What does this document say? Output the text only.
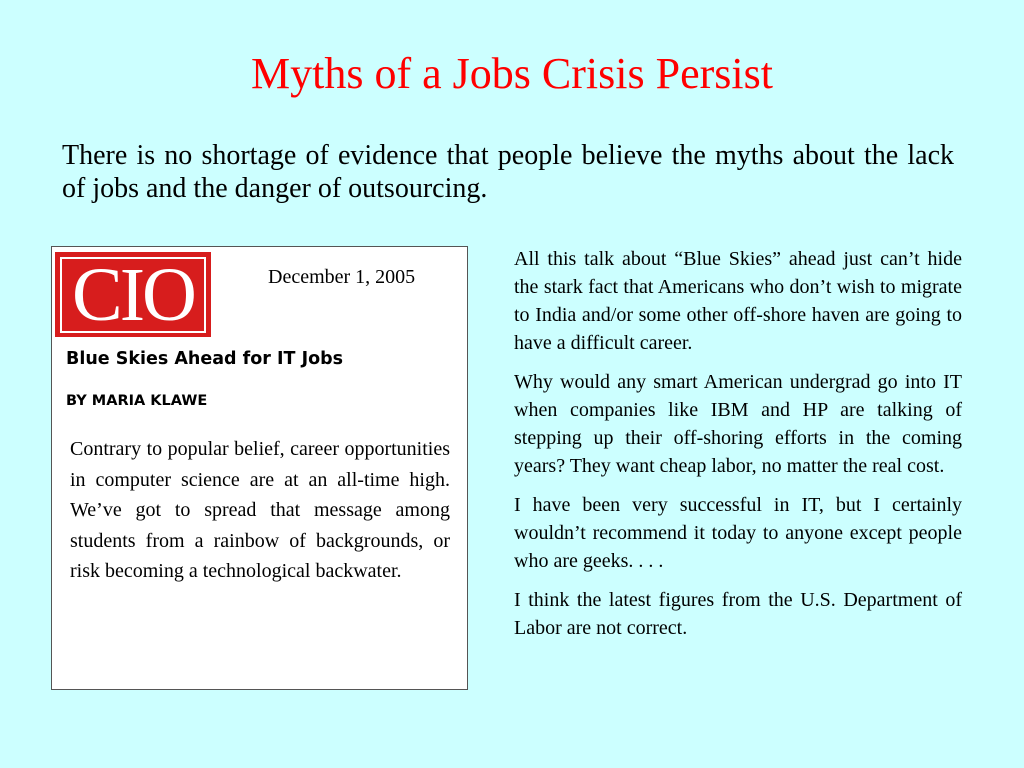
Myths of a Jobs Crisis Persist

There is no shortage of evidence that people believe the myths about the lack of jobs and the danger of outsourcing.

CIO	December 1, 2005
Blue Skies Ahead for IT Jobs
BY MARIA KLAWE

Contrary to popular belief, career opportunities in computer science are at an all-time high. We’ve got to spread that message among students from a rainbow of backgrounds, or risk becoming a technological backwater.

All this talk about “Blue Skies” ahead just can’t hide the stark fact that Americans who don’t wish to migrate to India and/or some other off-shore haven are going to have a difficult career.

Why would any smart American undergrad go into IT when companies like IBM and HP are talking of stepping up their off-shoring efforts in the coming years? They want cheap labor, no matter the real cost.

I have been very successful in IT, but I certainly wouldn’t recommend it today to anyone except people who are geeks. . . .

I think the latest figures from the U.S. Department of Labor are not correct.
